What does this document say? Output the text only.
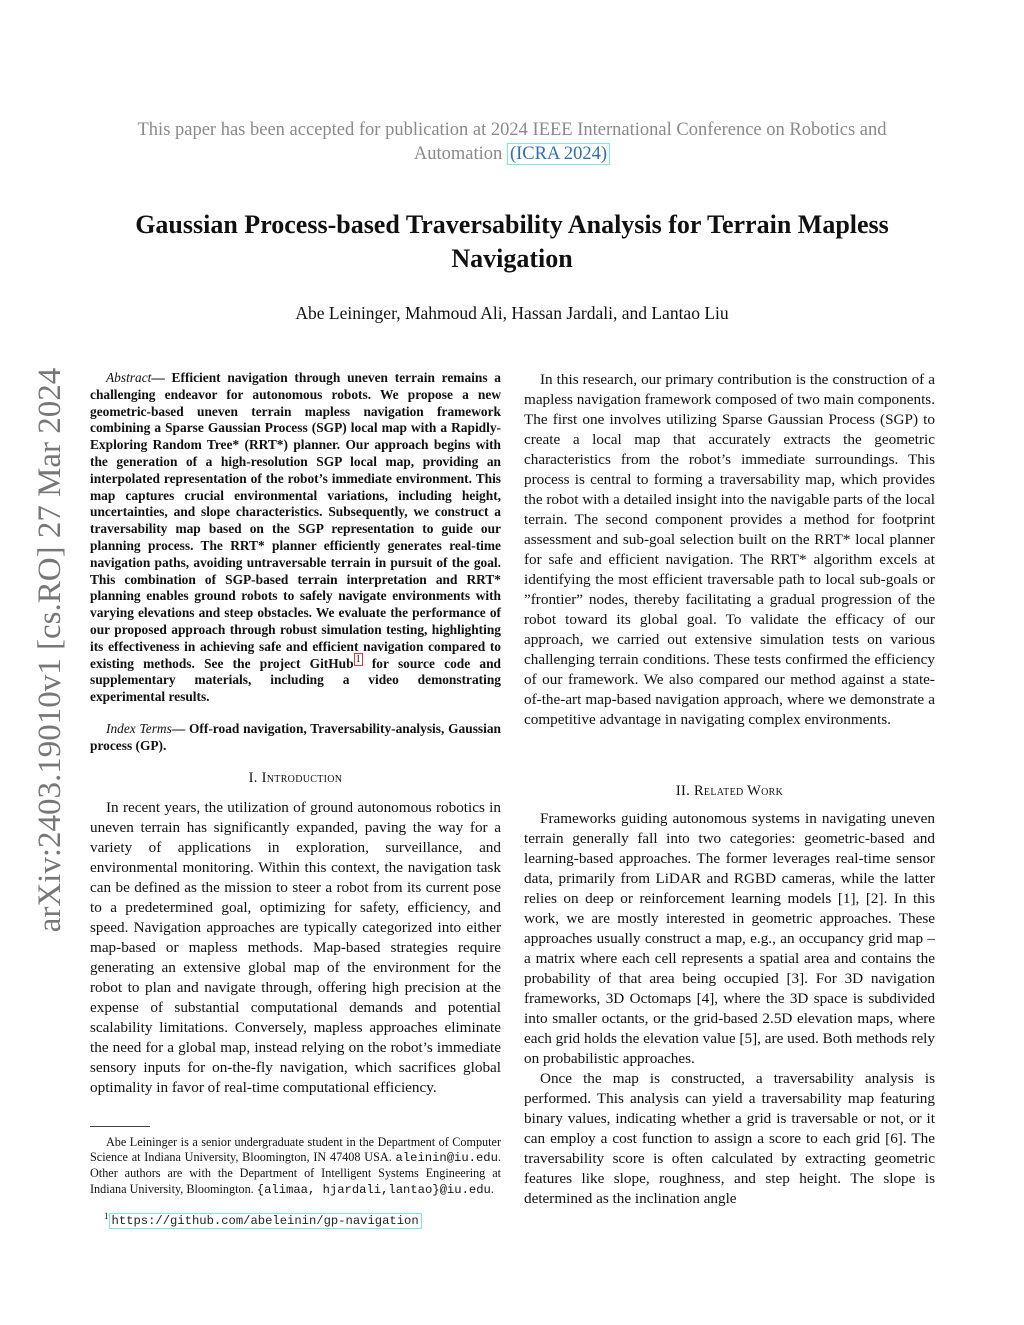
This paper has been accepted for publication at 2024 IEEE International Conference on Robotics and
Automation (ICRA 2024)
Gaussian Process-based Traversability Analysis for Terrain Mapless Navigation
Abe Leininger, Mahmoud Ali, Hassan Jardali, and Lantao Liu
arXiv:2403.19010v1 [cs.RO] 27 Mar 2024	Abstract— Efficient navigation through uneven terrain remains a challenging endeavor for autonomous robots. We propose a new geometric-based uneven terrain mapless navigation framework combining a Sparse Gaussian Process (SGP) local map with a Rapidly-Exploring Random Tree* (RRT*) planner. Our approach begins with the generation of a high-resolution SGP local map, providing an interpolated representation of the robot’s immediate environment. This map captures crucial environmental variations, including height, uncertainties, and slope characteristics. Subsequently, we construct a traversability map based on the SGP representation to guide our planning process. The RRT* planner efficiently generates real-time navigation paths, avoiding untraversable terrain in pursuit of the goal. This combination of SGP-based terrain interpretation and RRT* planning enables ground robots to safely navigate environments with varying elevations and steep obstacles. We evaluate the performance of our proposed approach through robust simulation testing, highlighting its effectiveness in achieving safe and efficient navigation compared to existing methods. See the project GitHub $^1$ for source code and supplementary materials, including a video demonstrating experimental results.
Index Terms— Off-road navigation, Traversability-analysis, Gaussian process (GP).
I. Introduction

In recent years, the utilization of ground autonomous robotics in uneven terrain has significantly expanded, paving the way for a variety of applications in exploration, surveillance, and environmental monitoring. Within this context, the navigation task can be defined as the mission to steer a robot from its current pose to a predetermined goal, optimizing for safety, efficiency, and speed. Navigation approaches are typically categorized into either map-based or mapless methods. Map-based strategies require generating an extensive global map of the environment for the robot to plan and navigate through, offering high precision at the expense of substantial computational demands and potential scalability limitations. Conversely, mapless approaches eliminate the need for a global map, instead relying on the robot’s immediate sensory inputs for on-the-fly navigation, which sacrifices global optimality in favor of real-time computational efficiency.

Abe Leininger is a senior undergraduate student in the Department of Computer Science at Indiana University, Bloomington, IN 47408 USA. aleinin@iu.edu. Other authors are with the Department of Intelligent Systems Engineering at Indiana University, Bloomington. {alimaa, hjardali,lantao}@iu.edu.
$^1$ https://github.com/abeleinin/gp-navigation

In this research, our primary contribution is the construction of a mapless navigation framework composed of two main components. The first one involves utilizing Sparse Gaussian Process (SGP) to create a local map that accurately extracts the geometric characteristics from the robot’s immediate surroundings. This process is central to forming a traversability map, which provides the robot with a detailed insight into the navigable parts of the local terrain. The second component provides a method for footprint assessment and sub-goal selection built on the RRT* local planner for safe and efficient navigation. The RRT* algorithm excels at identifying the most efficient traversable path to local sub-goals or ”frontier” nodes, thereby facilitating a gradual progression of the robot toward its global goal. To validate the efficacy of our approach, we carried out extensive simulation tests on various challenging terrain conditions. These tests confirmed the efficiency of our framework. We also compared our method against a state-of-the-art map-based navigation approach, where we demonstrate a competitive advantage in navigating complex environments.

II. Related Work

Frameworks guiding autonomous systems in navigating uneven terrain generally fall into two categories: geometric-based and learning-based approaches. The former leverages real-time sensor data, primarily from LiDAR and RGBD cameras, while the latter relies on deep or reinforcement learning models [1], [2]. In this work, we are mostly interested in geometric approaches. These approaches usually construct a map, e.g., an occupancy grid map – a matrix where each cell represents a spatial area and contains the probability of that area being occupied [3]. For 3D navigation frameworks, 3D Octomaps [4], where the 3D space is subdivided into smaller octants, or the grid-based 2.5D elevation maps, where each grid holds the elevation value [5], are used. Both methods rely on probabilistic approaches.

Once the map is constructed, a traversability analysis is performed. This analysis can yield a traversability map featuring binary values, indicating whether a grid is traversable or not, or it can employ a cost function to assign a score to each grid [6]. The traversability score is often calculated by extracting geometric features like slope, roughness, and step height. The slope is determined as the inclination angle
